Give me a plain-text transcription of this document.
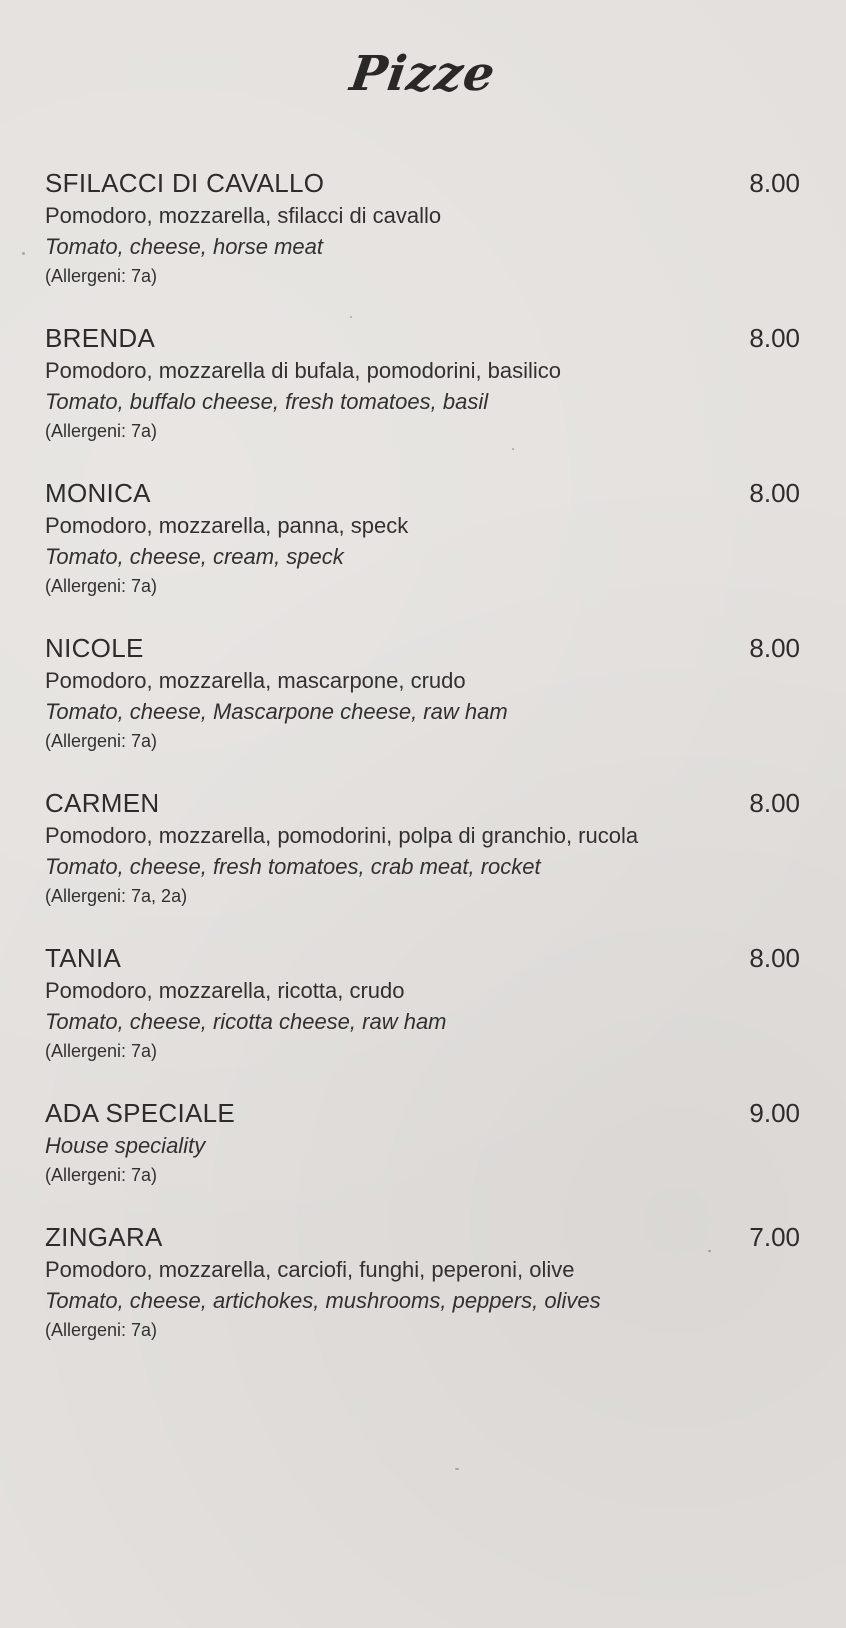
Pizze
SFILACCI DI CAVALLO	8.00
Pomodoro, mozzarella, sfilacci di cavallo
Tomato, cheese, horse meat
(Allergeni: 7a)
BRENDA	8.00
Pomodoro, mozzarella di bufala, pomodorini, basilico
Tomato, buffalo cheese, fresh tomatoes, basil
(Allergeni: 7a)
MONICA	8.00
Pomodoro, mozzarella, panna, speck
Tomato, cheese, cream, speck
(Allergeni: 7a)
NICOLE	8.00
Pomodoro, mozzarella, mascarpone, crudo
Tomato, cheese, Mascarpone cheese, raw ham
(Allergeni: 7a)
CARMEN	8.00
Pomodoro, mozzarella, pomodorini, polpa di granchio, rucola
Tomato, cheese, fresh tomatoes, crab meat, rocket
(Allergeni: 7a, 2a)
TANIA	8.00
Pomodoro, mozzarella, ricotta, crudo
Tomato, cheese, ricotta cheese, raw ham
(Allergeni: 7a)
ADA SPECIALE	9.00
House speciality
(Allergeni: 7a)
ZINGARA	7.00
Pomodoro, mozzarella, carciofi, funghi, peperoni, olive
Tomato, cheese, artichokes, mushrooms, peppers, olives
(Allergeni: 7a)
